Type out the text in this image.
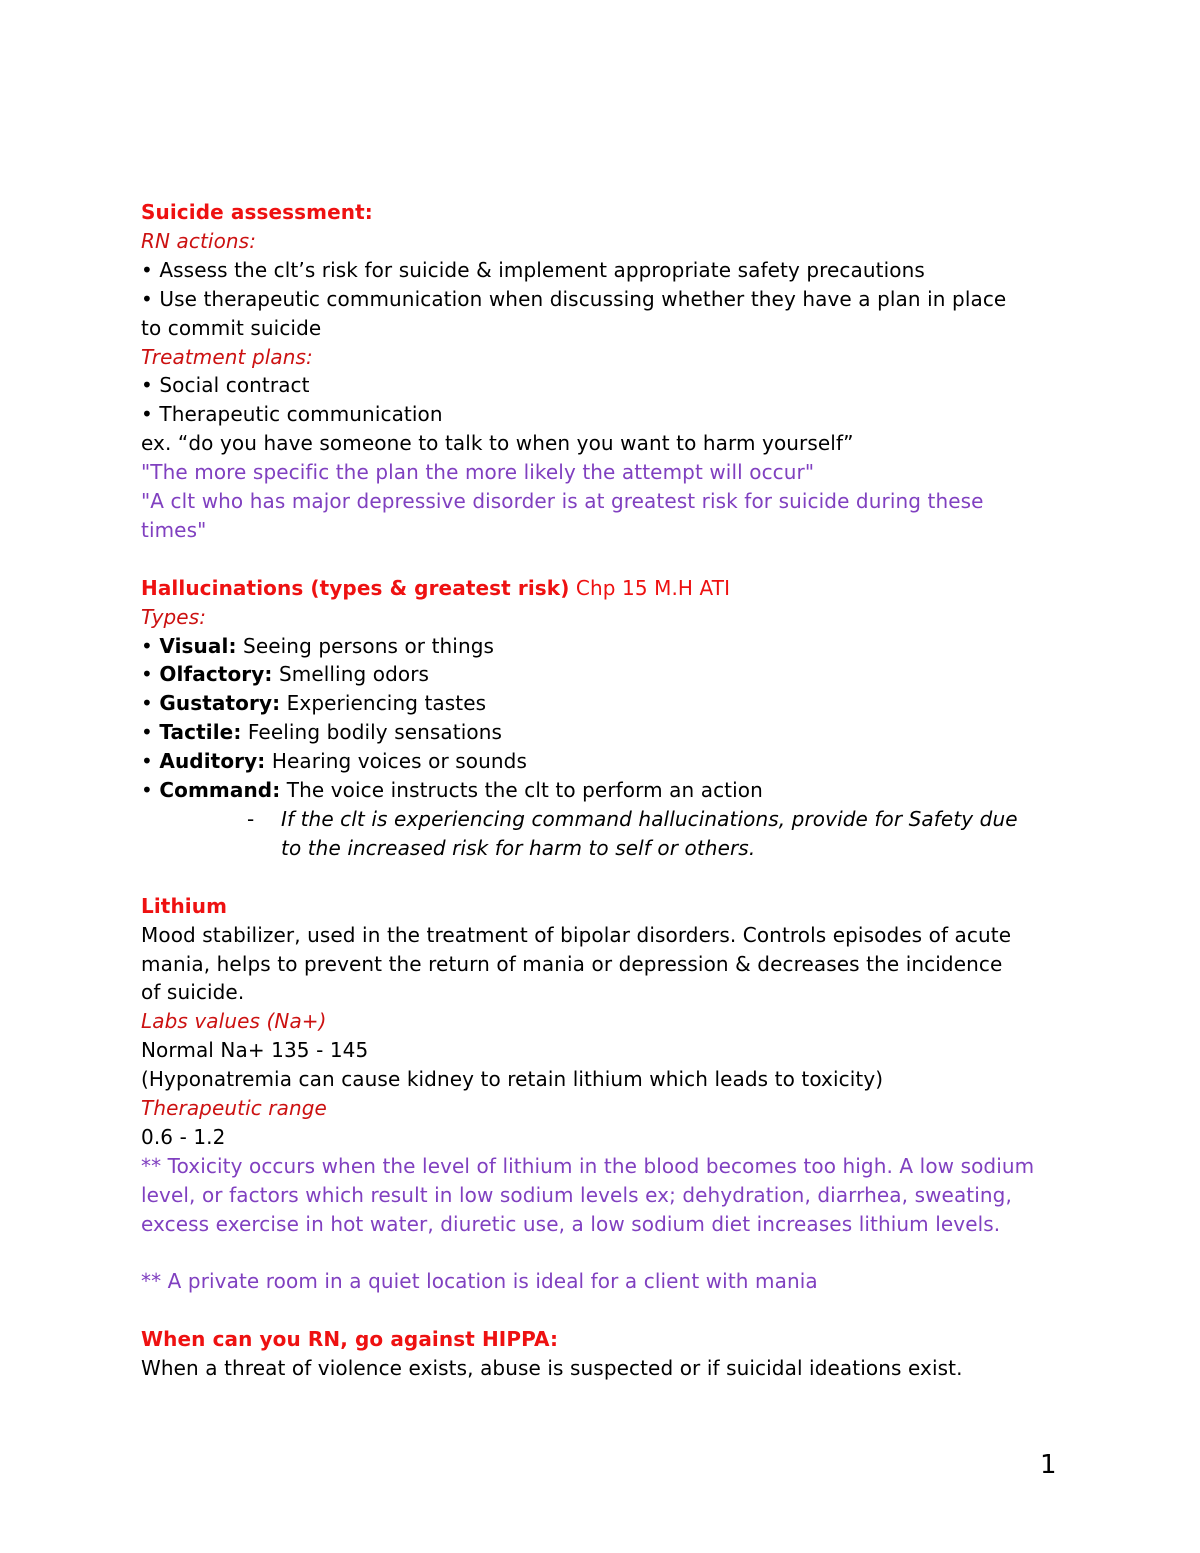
Suicide assessment:
RN actions:
• Assess the clt’s risk for suicide & implement appropriate safety precautions
• Use therapeutic communication when discussing whether they have a plan in place to commit suicide
Treatment plans:
• Social contract
• Therapeutic communication
ex. “do you have someone to talk to when you want to harm yourself”
"The more specific the plan the more likely the attempt will occur"
"A clt who has major depressive disorder is at greatest risk for suicide during these times"
Hallucinations (types & greatest risk) Chp 15 M.H ATI
Types:
• Visual: Seeing persons or things
• Olfactory: Smelling odors
• Gustatory: Experiencing tastes
• Tactile: Feeling bodily sensations
• Auditory: Hearing voices or sounds
• Command: The voice instructs the clt to perform an action
-	If the clt is experiencing command hallucinations, provide for Safety due to the increased risk for harm to self or others.
Lithium
Mood stabilizer, used in the treatment of bipolar disorders. Controls episodes of acute mania, helps to prevent the return of mania or depression & decreases the incidence of suicide.
Labs values (Na+)
Normal Na+ 135 - 145
(Hyponatremia can cause kidney to retain lithium which leads to toxicity)
Therapeutic range
0.6 - 1.2
** Toxicity occurs when the level of lithium in the blood becomes too high. A low sodium level, or factors which result in low sodium levels ex; dehydration, diarrhea, sweating, excess exercise in hot water, diuretic use, a low sodium diet increases lithium levels.
** A private room in a quiet location is ideal for a client with mania
When can you RN, go against HIPPA:
When a threat of violence exists, abuse is suspected or if suicidal ideations exist.
1
